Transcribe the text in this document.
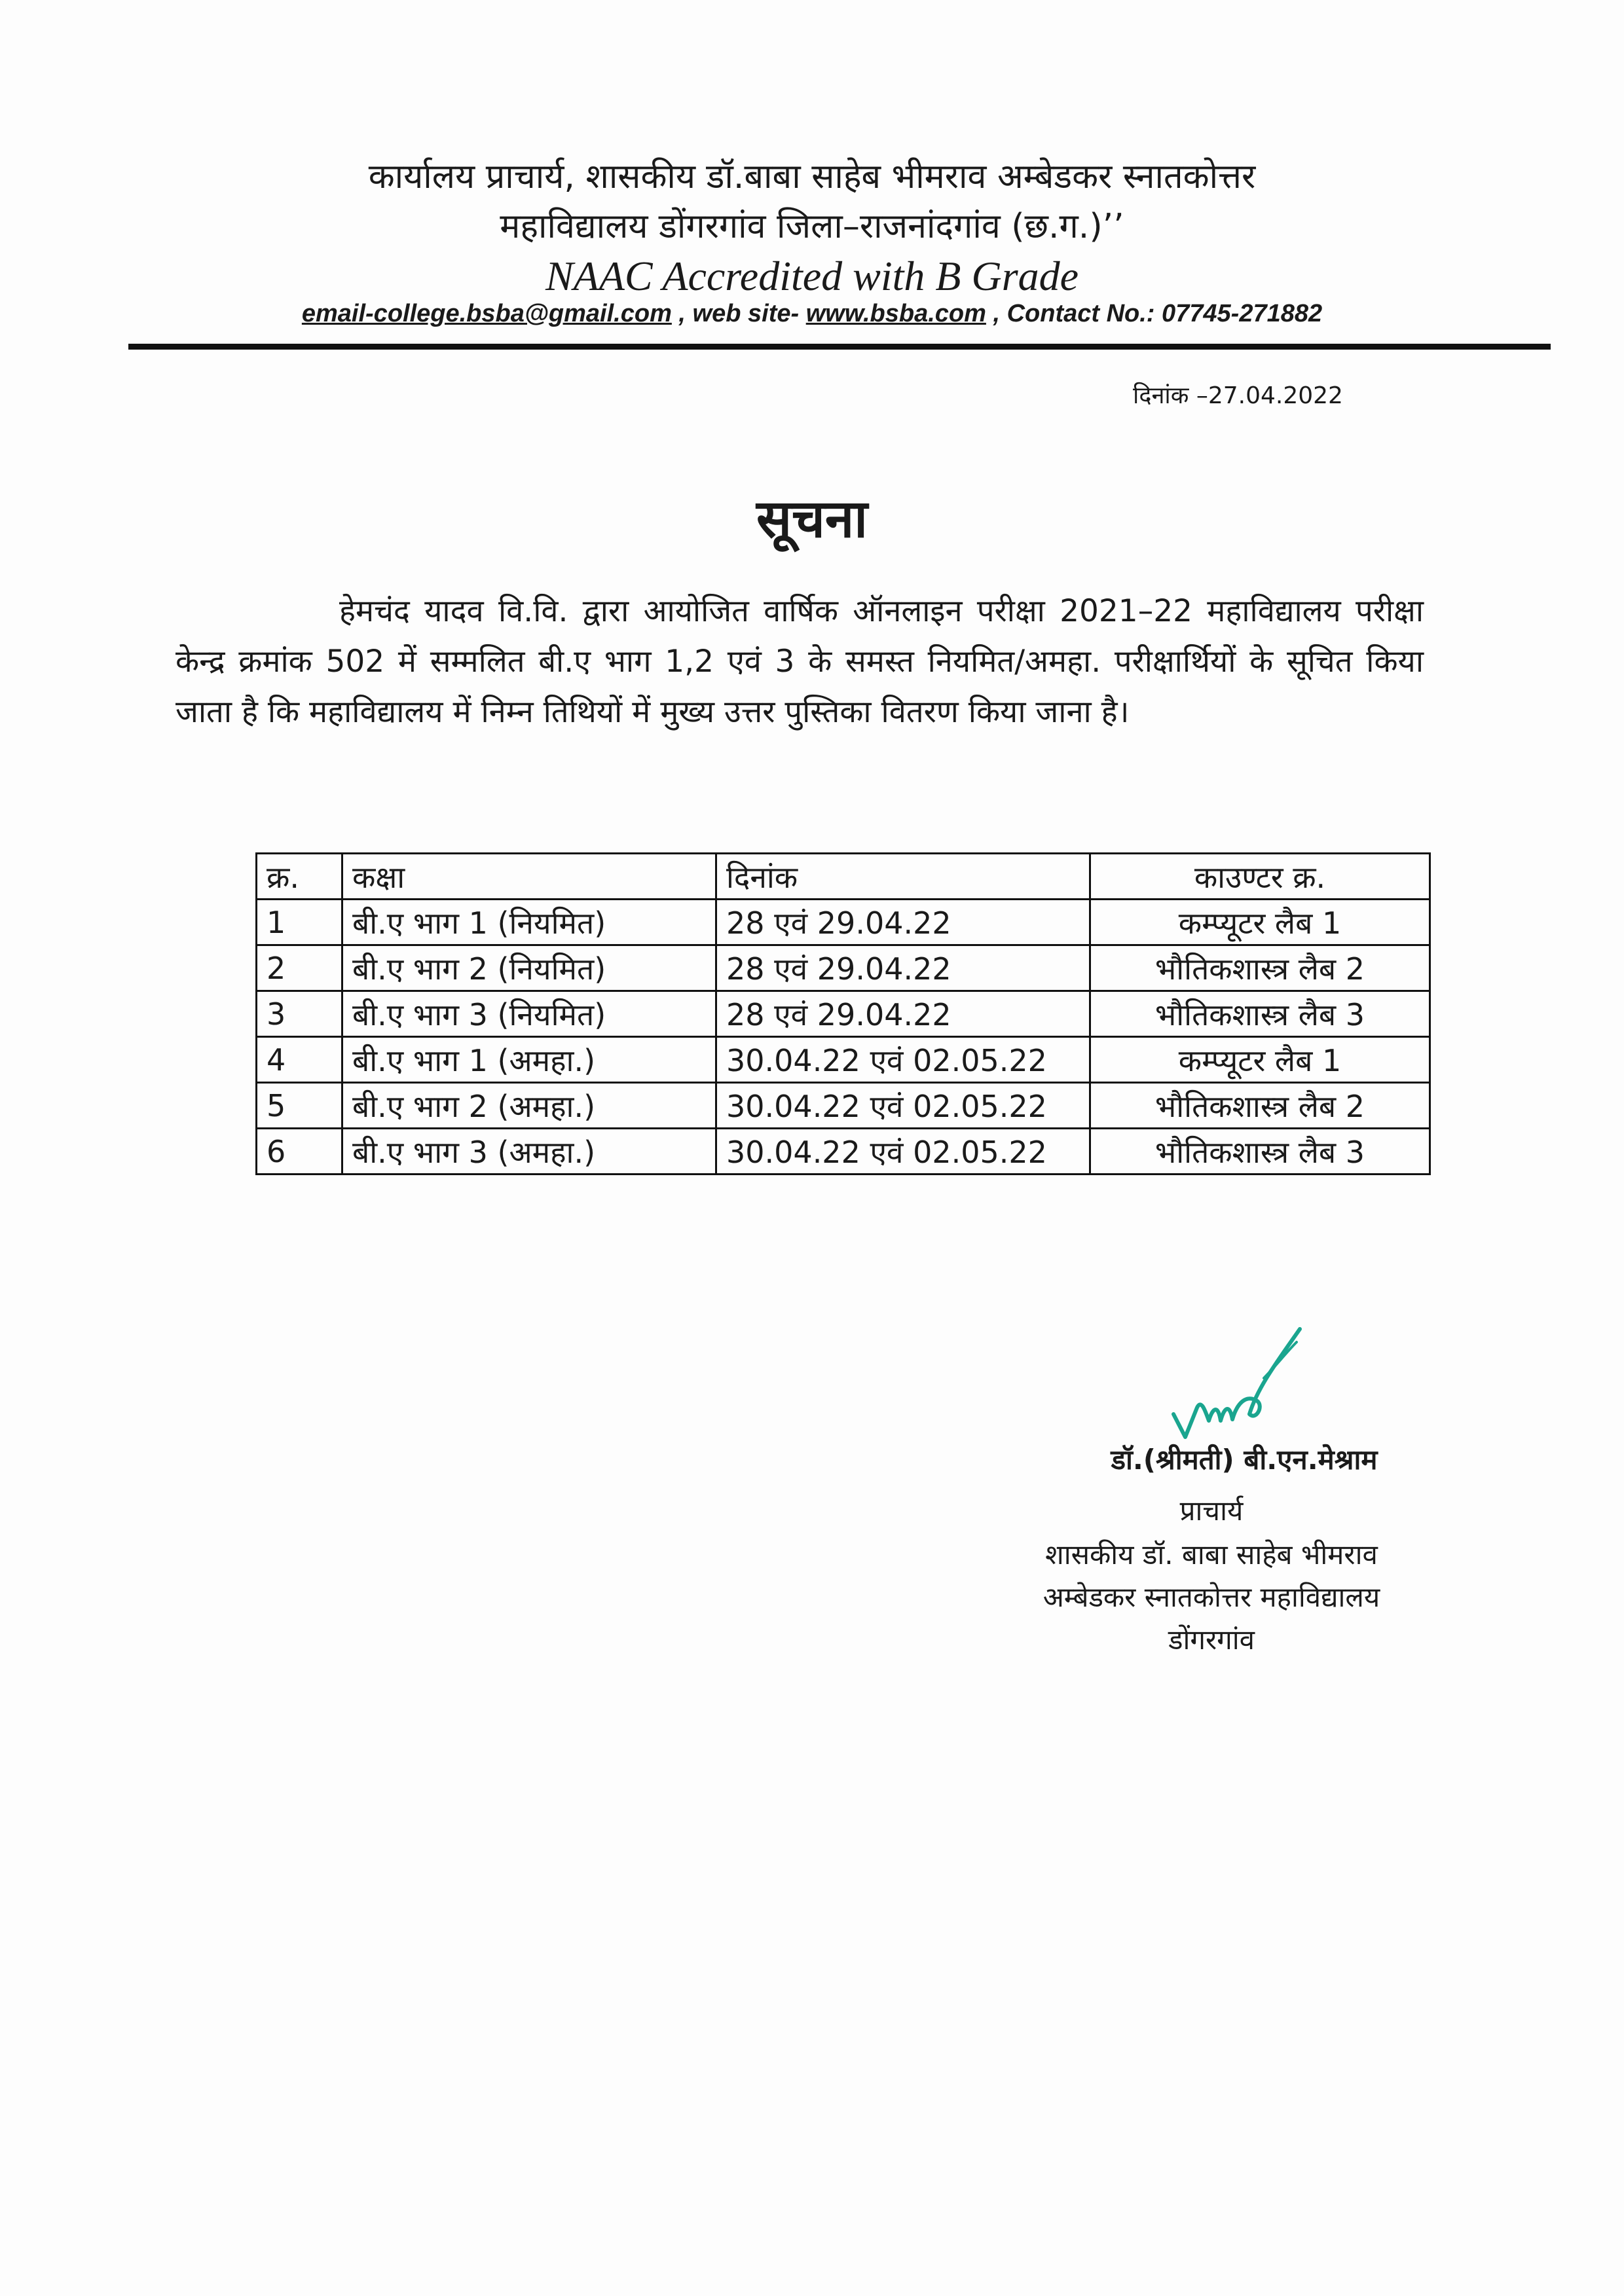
कार्यालय प्राचार्य, शासकीय डॉ.बाबा साहेब भीमराव अम्बेडकर स्नातकोत्तर
महाविद्यालय डोंगरगांव जिला–राजनांदगांव (छ.ग.)’’
NAAC Accredited with B Grade
email-college.bsba@gmail.com , web site- www.bsba.com , Contact No.: 07745-271882
दिनांक –27.04.2022
सूचना
हेमचंद यादव वि.वि. द्वारा आयोजित वार्षिक ऑनलाइन परीक्षा 2021–22 महाविद्यालय परीक्षा केन्द्र क्रमांक 502 में सम्मलित बी.ए भाग 1,2 एवं 3 के समस्त नियमित/अमहा. परीक्षार्थियों के सूचित किया जाता है कि महाविद्यालय में निम्न तिथियों में मुख्य उत्तर पुस्तिका वितरण किया जाना है।
क्र.	कक्षा	दिनांक	काउण्टर क्र.
1	बी.ए भाग 1 (नियमित)	28 एवं 29.04.22	कम्प्यूटर लैब 1
2	बी.ए भाग 2 (नियमित)	28 एवं 29.04.22	भौतिकशास्त्र लैब 2
3	बी.ए भाग 3 (नियमित)	28 एवं 29.04.22	भौतिकशास्त्र लैब 3
4	बी.ए भाग 1 (अमहा.)	30.04.22 एवं 02.05.22	कम्प्यूटर लैब 1
5	बी.ए भाग 2 (अमहा.)	30.04.22 एवं 02.05.22	भौतिकशास्त्र लैब 2
6	बी.ए भाग 3 (अमहा.)	30.04.22 एवं 02.05.22	भौतिकशास्त्र लैब 3
डॉ.(श्रीमती) बी.एन.मेश्राम
प्राचार्य
शासकीय डॉ. बाबा साहेब भीमराव
अम्बेडकर स्नातकोत्तर महाविद्यालय
डोंगरगांव
